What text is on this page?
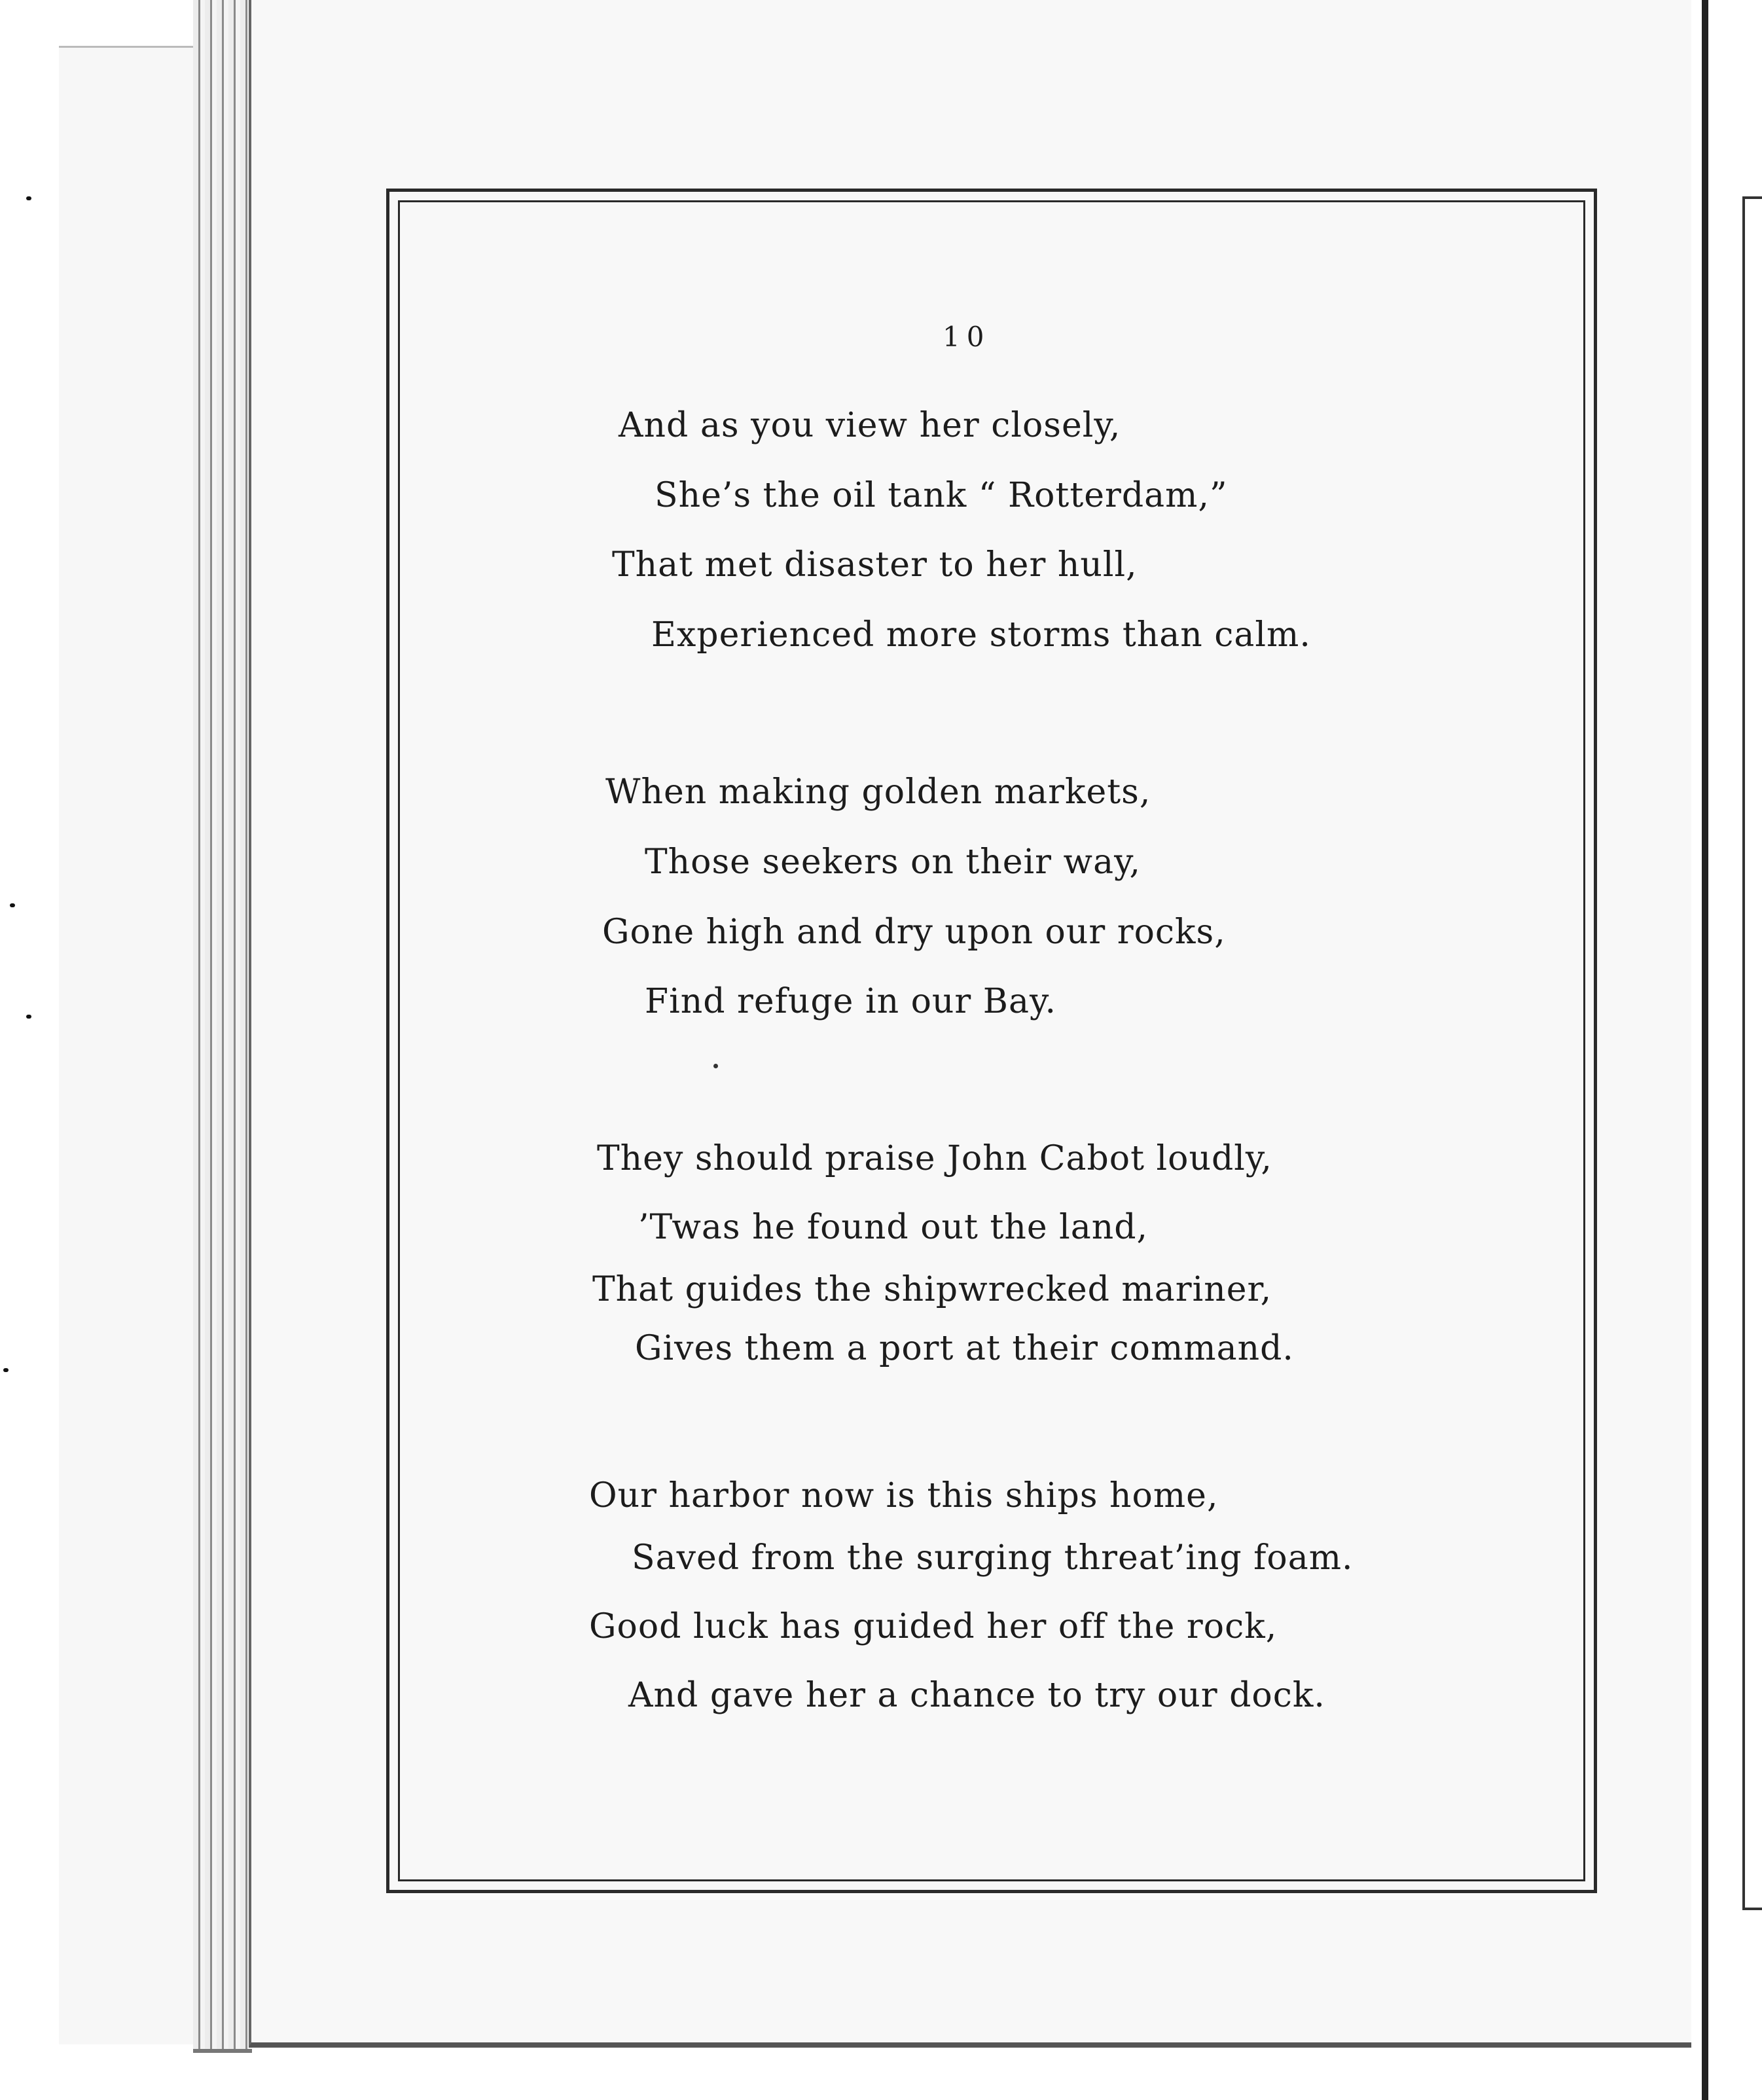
10
And as you view her closely,
She’s the oil tank “ Rotterdam,”
That met disaster to her hull,
Experienced more storms than calm.
When making golden markets,
Those seekers on their way,
Gone high and dry upon our rocks,
Find refuge in our Bay.
They should praise John Cabot loudly,
’Twas he found out the land,
That guides the shipwrecked mariner,
Gives them a port at their command.
Our harbor now is this ships home,
Saved from the surging threat’ing foam.
Good luck has guided her off the rock,
And gave her a chance to try our dock.
